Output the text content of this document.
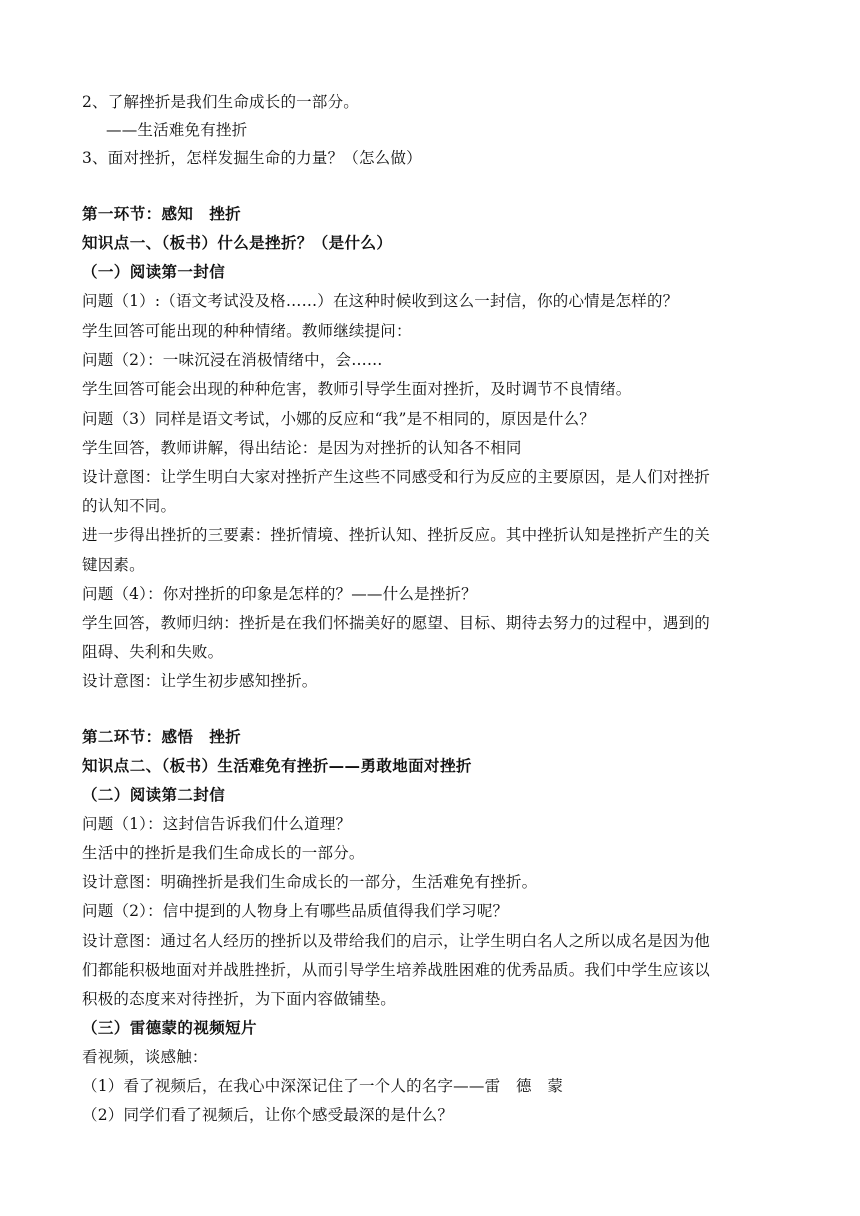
2、了解挫折是我们生命成长的一部分。
——生活难免有挫折
3、面对挫折，怎样发掘生命的力量？（怎么做）
第一环节：感知　挫折
知识点一、（板书）什么是挫折？（是什么）
（一）阅读第一封信
问题（1）:（语文考试没及格……）在这种时候收到这么一封信，你的心情是怎样的？
学生回答可能出现的种种情绪。教师继续提问：
问题（2）：一味沉浸在消极情绪中，会……
学生回答可能会出现的种种危害，教师引导学生面对挫折，及时调节不良情绪。
问题（3）同样是语文考试，小娜的反应和“我”是不相同的，原因是什么？
学生回答，教师讲解，得出结论：是因为对挫折的认知各不相同
设计意图：让学生明白大家对挫折产生这些不同感受和行为反应的主要原因，是人们对挫折
的认知不同。
进一步得出挫折的三要素：挫折情境、挫折认知、挫折反应。其中挫折认知是挫折产生的关
键因素。
问题（4）：你对挫折的印象是怎样的？——什么是挫折？
学生回答，教师归纳：挫折是在我们怀揣美好的愿望、目标、期待去努力的过程中，遇到的
阻碍、失利和失败。
设计意图：让学生初步感知挫折。
第二环节：感悟　挫折
知识点二、（板书）生活难免有挫折——勇敢地面对挫折
（二）阅读第二封信
问题（1）：这封信告诉我们什么道理？
生活中的挫折是我们生命成长的一部分。
设计意图：明确挫折是我们生命成长的一部分，生活难免有挫折。
问题（2）：信中提到的人物身上有哪些品质值得我们学习呢？
设计意图：通过名人经历的挫折以及带给我们的启示，让学生明白名人之所以成名是因为他
们都能积极地面对并战胜挫折，从而引导学生培养战胜困难的优秀品质。我们中学生应该以
积极的态度来对待挫折，为下面内容做铺垫。
（三）雷德蒙的视频短片
看视频，谈感触：
（1）看了视频后，在我心中深深记住了一个人的名字——雷　德　蒙
（2）同学们看了视频后，让你个感受最深的是什么？
